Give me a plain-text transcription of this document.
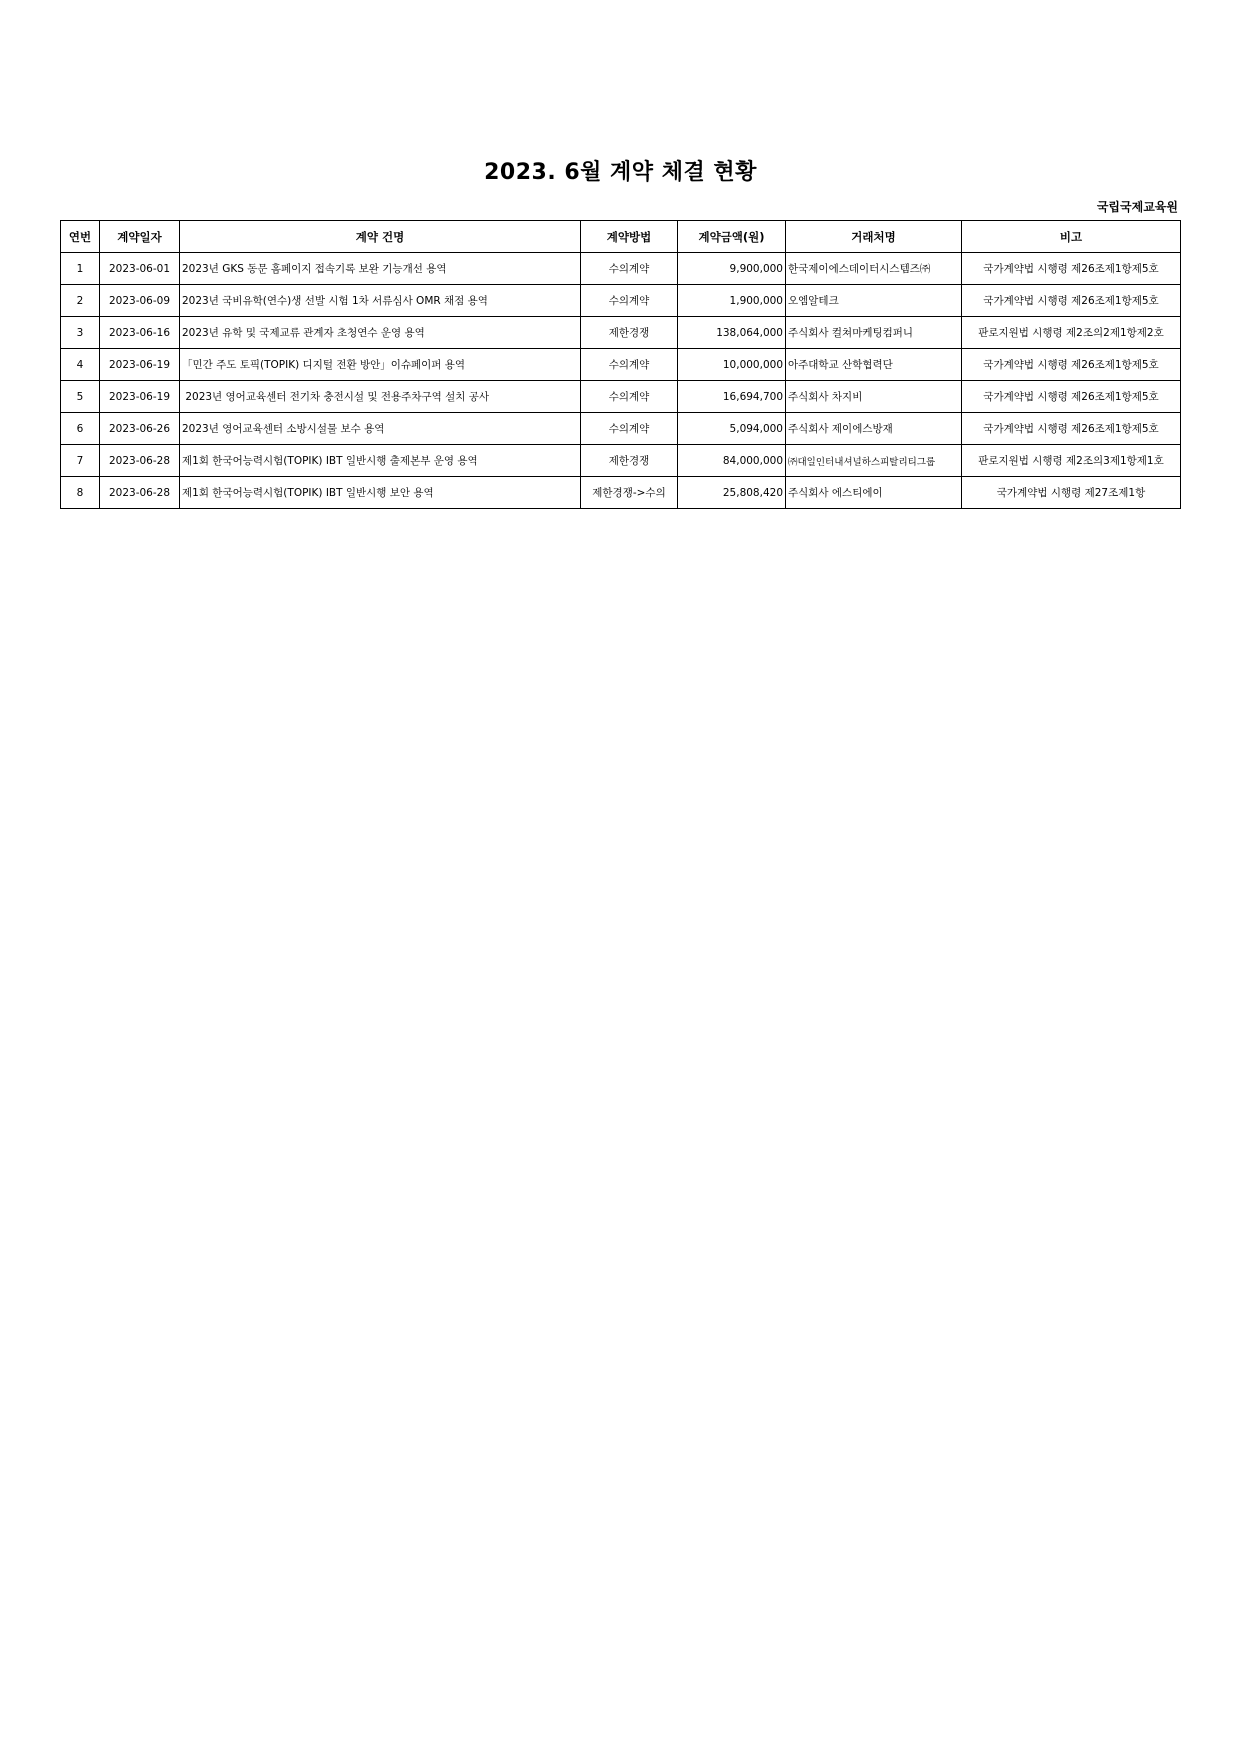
2023. 6월 계약 체결 현황
국립국제교육원
연번	계약일자	계약 건명	계약방법	계약금액(원)	거래처명	비고
1	2023-06-01	2023년 GKS 동문 홈페이지 접속기록 보완 기능개선 용역	수의계약	9,900,000	한국제이에스데이터시스템즈㈜	국가계약법 시행령 제26조제1항제5호
2	2023-06-09	2023년 국비유학(연수)생 선발 시험 1차 서류심사 OMR 채점 용역	수의계약	1,900,000	오엠알테크	국가계약법 시행령 제26조제1항제5호
3	2023-06-16	2023년 유학 및 국제교류 관계자 초청연수 운영 용역	제한경쟁	138,064,000	주식회사 컬쳐마케팅컴퍼니	판로지원법 시행령 제2조의2제1항제2호
4	2023-06-19	「민간 주도 토픽(TOPIK) 디지털 전환 방안」이슈페이퍼 용역	수의계약	10,000,000	아주대학교 산학협력단	국가계약법 시행령 제26조제1항제5호
5	2023-06-19	2023년 영어교육센터 전기차 충전시설 및 전용주차구역 설치 공사	수의계약	16,694,700	주식회사 차지비	국가계약법 시행령 제26조제1항제5호
6	2023-06-26	2023년 영어교육센터 소방시설물 보수 용역	수의계약	5,094,000	주식회사 제이에스방재	국가계약법 시행령 제26조제1항제5호
7	2023-06-28	제1회 한국어능력시험(TOPIK) IBT 일반시행 출제본부 운영 용역	제한경쟁	84,000,000	㈜대일인터내셔널하스피탈리티그룹	판로지원법 시행령 제2조의3제1항제1호
8	2023-06-28	제1회 한국어능력시험(TOPIK) IBT 일반시행 보안 용역	제한경쟁->수의	25,808,420	주식회사 에스티에이	국가계약법 시행령 제27조제1항
